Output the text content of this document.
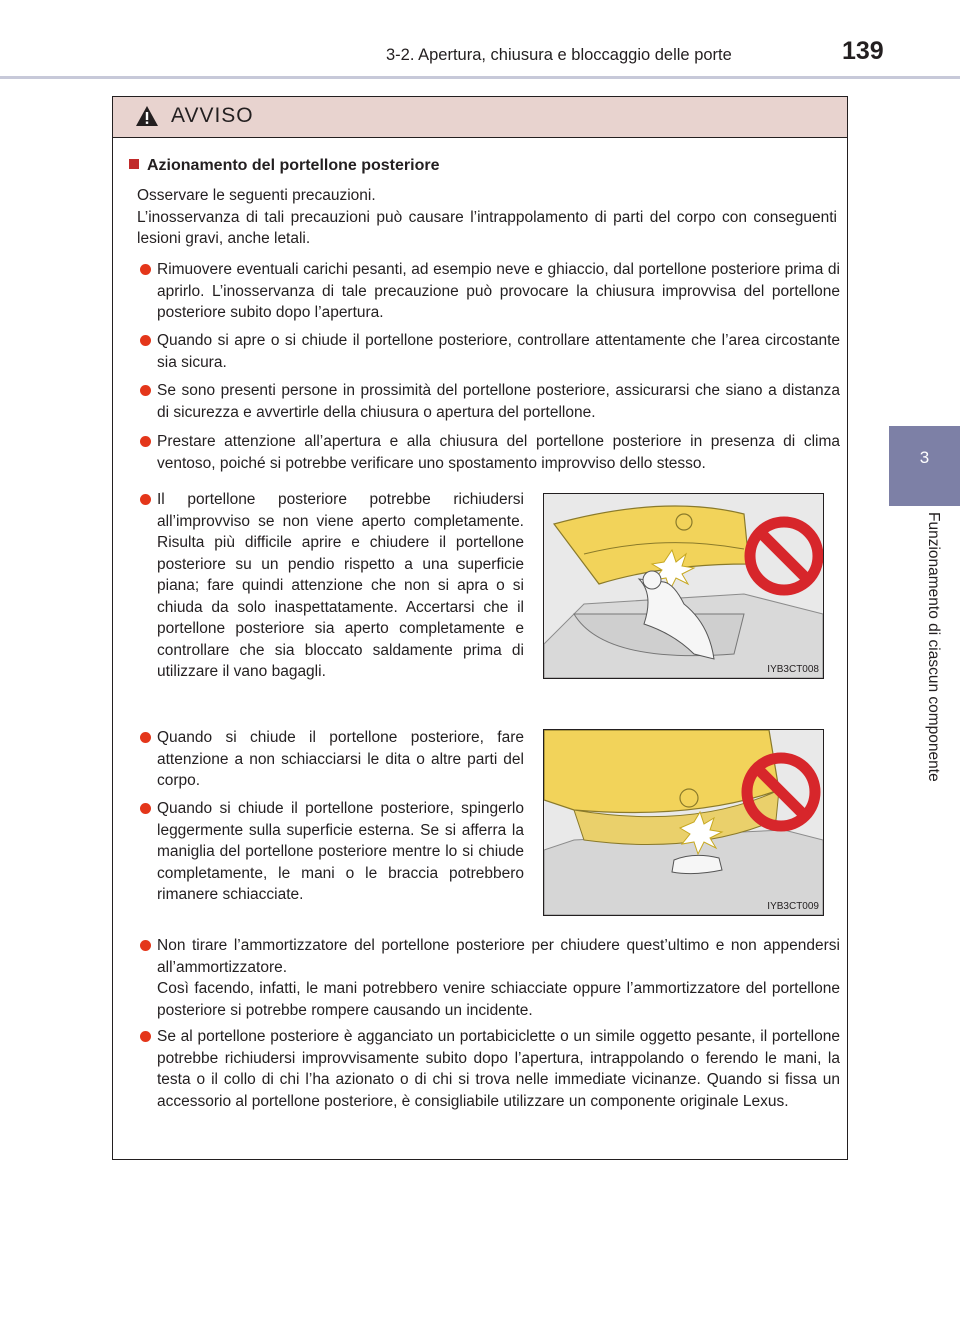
3-2. Apertura, chiusura e bloccaggio delle porte	139
3
Funzionamento di ciascun componente
AVVISO
Azionamento del portellone posteriore
Osservare le seguenti precauzioni.
L’inosservanza di tali precauzioni può causare l’intrappolamento di parti del corpo con conseguenti lesioni gravi, anche letali.
Rimuovere eventuali carichi pesanti, ad esempio neve e ghiaccio, dal portellone posteriore prima di aprirlo. L’inosservanza di tale precauzione può provocare la chiusura improvvisa del portellone posteriore subito dopo l’apertura.
Quando si apre o si chiude il portellone posteriore, controllare attentamente che l’area circostante sia sicura.
Se sono presenti persone in prossimità del portellone posteriore, assicurarsi che siano a distanza di sicurezza e avvertirle della chiusura o apertura del portellone.
Prestare attenzione all’apertura e alla chiusura del portellone posteriore in presenza di clima ventoso, poiché si potrebbe verificare uno spostamento improvviso dello stesso.
Il portellone posteriore potrebbe richiudersi all’improvviso se non viene aperto completamente. Risulta più difficile aprire e chiudere il portellone posteriore su un pendio rispetto a una superficie piana; fare quindi attenzione che non si apra o si chiuda da solo inaspettatamente. Accertarsi che il portellone posteriore sia aperto completamente e controllare che sia bloccato saldamente prima di utilizzare il vano bagagli.	IYB3CT008
Quando si chiude il portellone posteriore, fare attenzione a non schiacciarsi le dita o altre parti del corpo.
Quando si chiude il portellone posteriore, spingerlo leggermente sulla superficie esterna. Se si afferra la maniglia del portellone posteriore mentre lo si chiude completamente, le mani o le braccia potrebbero rimanere schiacciate.
IYB3CT009
Non tirare l’ammortizzatore del portellone posteriore per chiudere quest’ultimo e non appendersi all’ammortizzatore.
Così facendo, infatti, le mani potrebbero venire schiacciate oppure l’ammortizzatore del portellone posteriore si potrebbe rompere causando un incidente.
Se al portellone posteriore è agganciato un portabiciclette o un simile oggetto pesante, il portellone potrebbe richiudersi improvvisamente subito dopo l’apertura, intrappolando o ferendo le mani, la testa o il collo di chi l’ha azionato o di chi si trova nelle immediate vicinanze. Quando si fissa un accessorio al portellone posteriore, è consigliabile utilizzare un componente originale Lexus.
